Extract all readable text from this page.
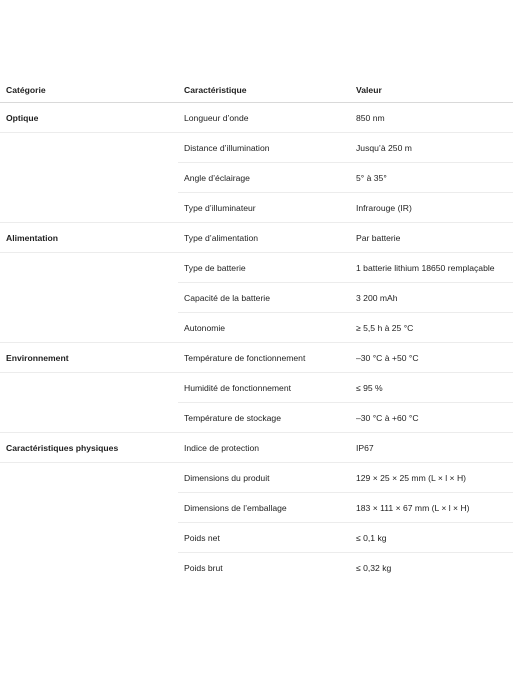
Catégorie	Caractéristique	Valeur
Optique	Longueur d’onde	850 nm
	Distance d’illumination	Jusqu’à 250 m
	Angle d’éclairage	5° à 35°
	Type d’illuminateur	Infrarouge (IR)
Alimentation	Type d’alimentation	Par batterie
	Type de batterie	1 batterie lithium 18650 remplaçable
	Capacité de la batterie	3 200 mAh
	Autonomie	≥ 5,5 h à 25 °C
Environnement	Température de fonctionnement	–30 °C à +50 °C
	Humidité de fonctionnement	≤ 95 %
	Température de stockage	–30 °C à +60 °C
Caractéristiques physiques	Indice de protection	IP67
	Dimensions du produit	129 × 25 × 25 mm (L × l × H)
	Dimensions de l’emballage	183 × 111 × 67 mm (L × l × H)
	Poids net	≤ 0,1 kg
	Poids brut	≤ 0,32 kg
